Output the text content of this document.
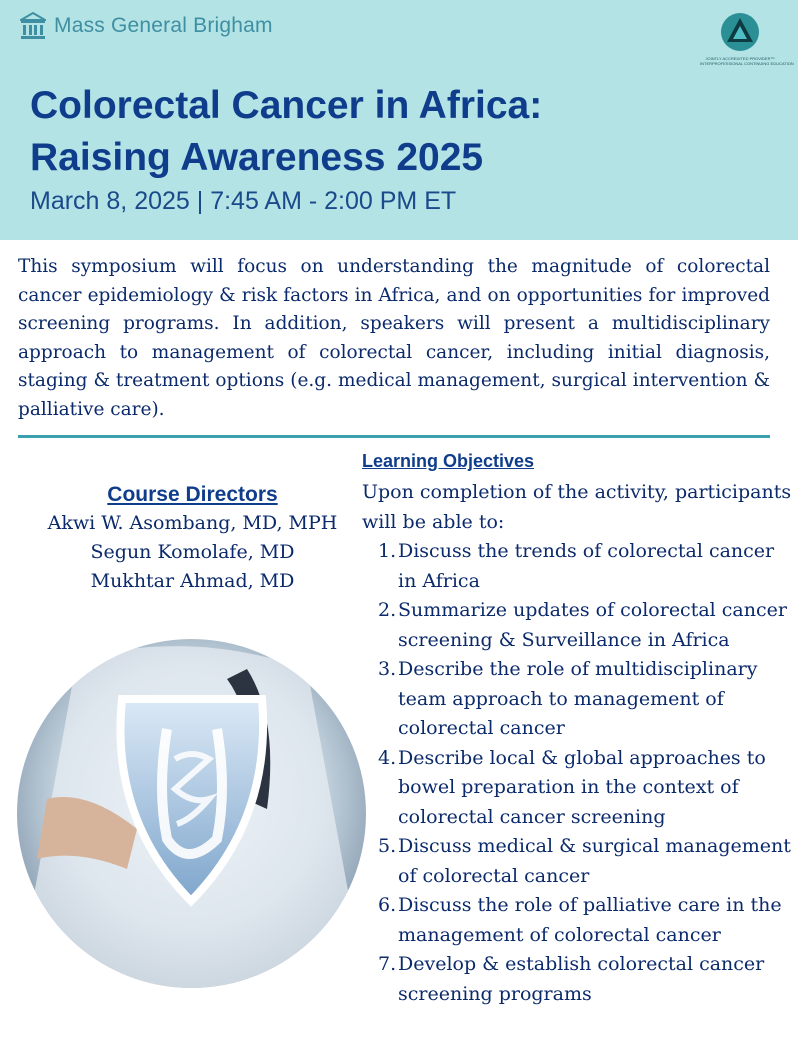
Mass General Brigham
JOINTLY ACCREDITED PROVIDER™
INTERPROFESSIONAL CONTINUING EDUCATION
Colorectal Cancer in Africa:
Raising Awareness 2025
March 8, 2025 | 7:45 AM - 2:00 PM ET

This symposium will focus on understanding the magnitude of colorectal cancer epidemiology & risk factors in Africa, and on opportunities for improved screening programs. In addition, speakers will present a multidisciplinary approach to management of colorectal cancer, including initial diagnosis, staging & treatment options (e.g. medical management, surgical intervention & palliative care).

Course Directors
Akwi W. Asombang, MD, MPH
Segun Komolafe, MD
Mukhtar Ahmad, MD
Learning Objectives
Upon completion of the activity, participants will be able to:
1. Discuss the trends of colorectal cancer in Africa
2. Summarize updates of colorectal cancer screening & Surveillance in Africa
3. Describe the role of multidisciplinary team approach to management of colorectal cancer
4. Describe local & global approaches to bowel preparation in the context of colorectal cancer screening
5. Discuss medical & surgical management of colorectal cancer
6. Discuss the role of palliative care in the management of colorectal cancer
7. Develop & establish colorectal cancer screening programs
